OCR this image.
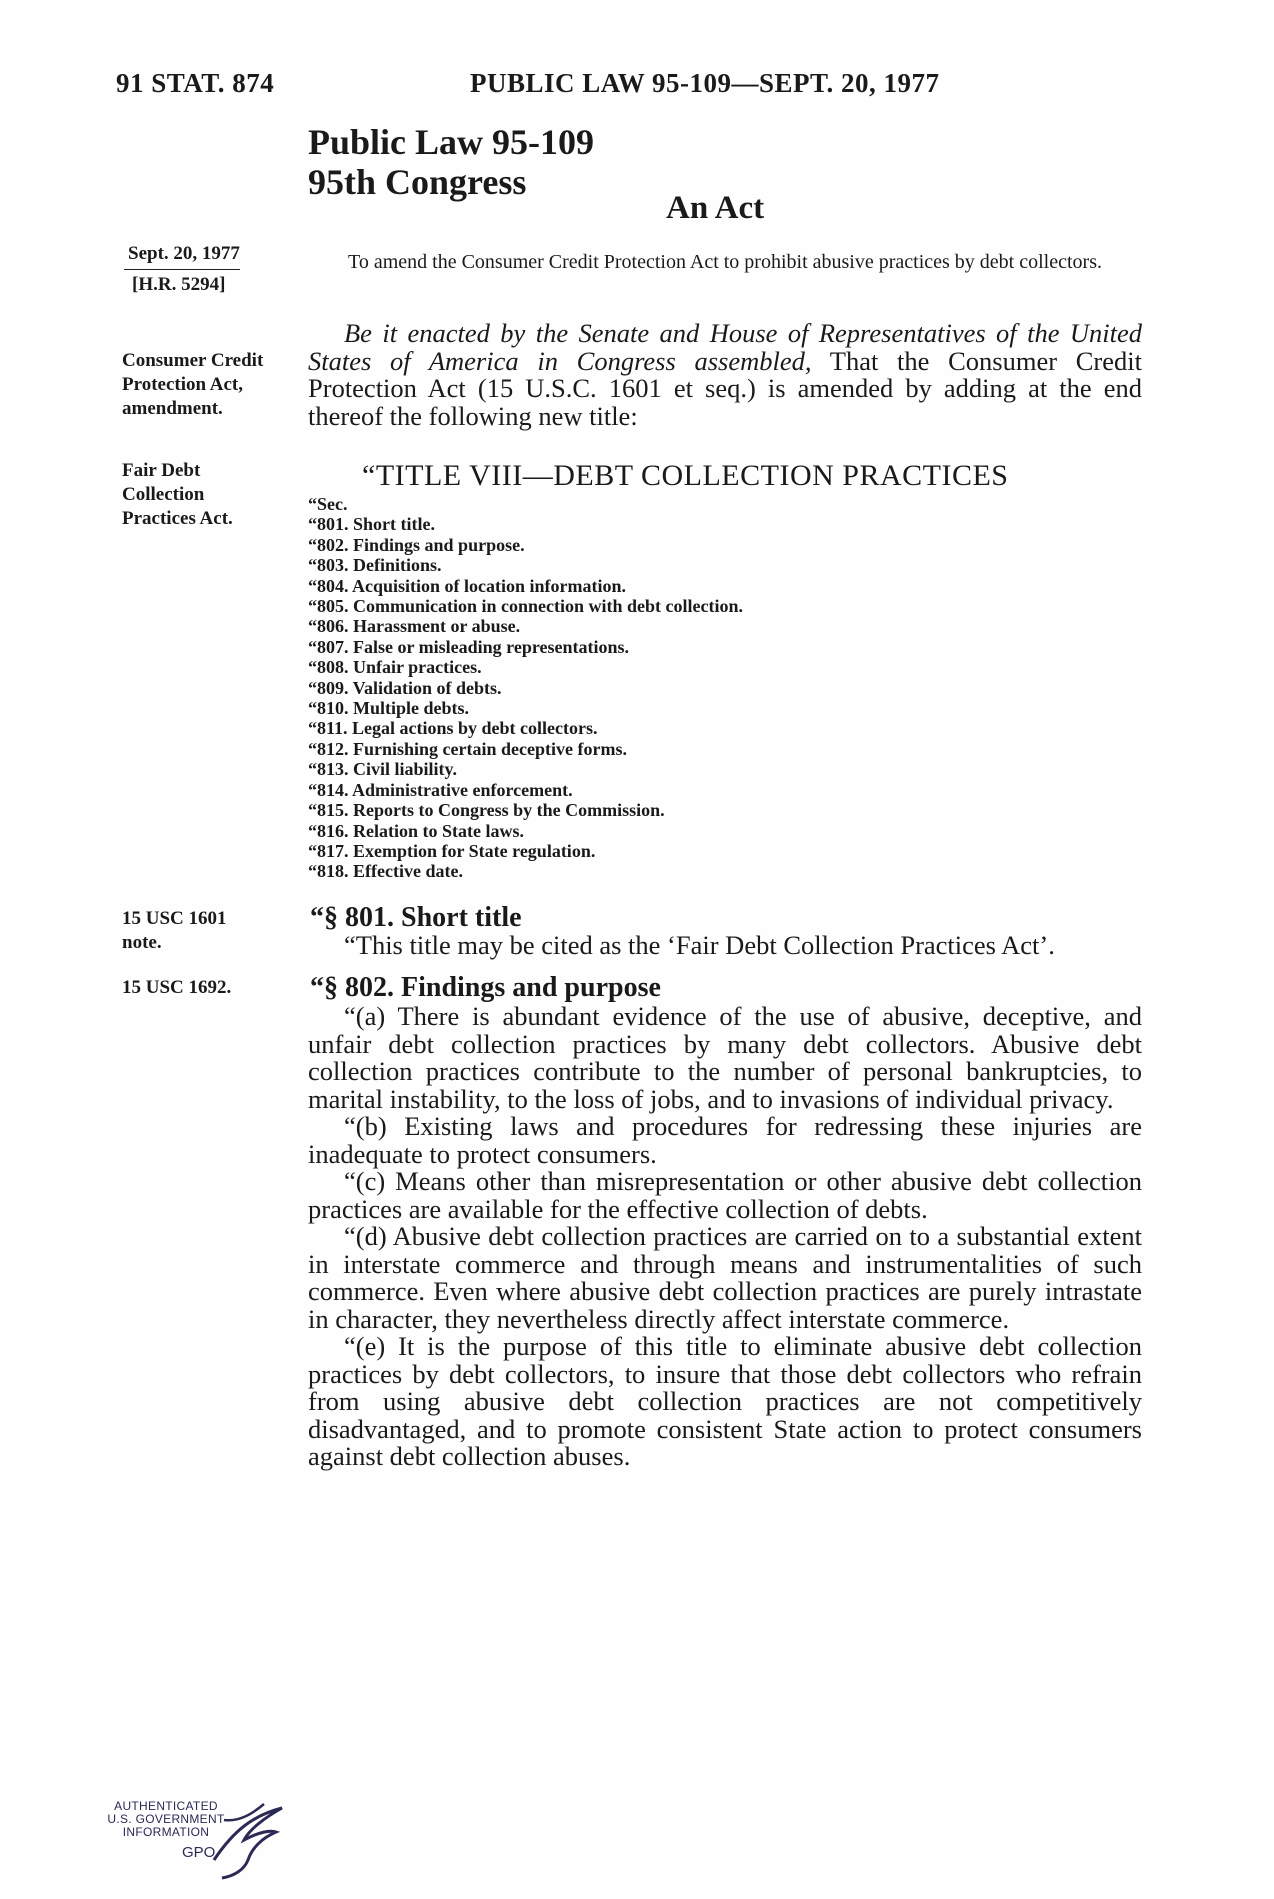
91 STAT. 874	PUBLIC LAW 95-109—SEPT. 20, 1977
Public Law 95-109
95th Congress
An Act
Sept. 20, 1977
[H.R. 5294]
To amend the Consumer Credit Protection Act to prohibit abusive practices by debt collectors.
Consumer Credit
Protection Act,
amendment.
Be it enacted by the Senate and House of Representatives of the United States of America in Congress assembled, That the Consumer Credit Protection Act (15 U.S.C. 1601 et seq.) is amended by adding at the end thereof the following new title:
Fair Debt
Collection
Practices Act.
“TITLE VIII—DEBT COLLECTION PRACTICES
“Sec.
“801. Short title.
“802. Findings and purpose.
“803. Definitions.
“804. Acquisition of location information.
“805. Communication in connection with debt collection.
“806. Harassment or abuse.
“807. False or misleading representations.
“808. Unfair practices.
“809. Validation of debts.
“810. Multiple debts.
“811. Legal actions by debt collectors.
“812. Furnishing certain deceptive forms.
“813. Civil liability.
“814. Administrative enforcement.
“815. Reports to Congress by the Commission.
“816. Relation to State laws.
“817. Exemption for State regulation.
“818. Effective date.
15 USC 1601
note.
“§ 801. Short title
“This title may be cited as the ‘Fair Debt Collection Practices Act’.
15 USC 1692.	“§ 802. Findings and purpose

“(a) There is abundant evidence of the use of abusive, deceptive, and unfair debt collection practices by many debt collectors. Abusive debt collection practices contribute to the number of personal bankruptcies, to marital instability, to the loss of jobs, and to invasions of individual privacy.

“(b) Existing laws and procedures for redressing these injuries are inadequate to protect consumers.

“(c) Means other than misrepresentation or other abusive debt collection practices are available for the effective collection of debts.

“(d) Abusive debt collection practices are carried on to a substantial extent in interstate commerce and through means and instrumentalities of such commerce. Even where abusive debt collection practices are purely intrastate in character, they nevertheless directly affect interstate commerce.

“(e) It is the purpose of this title to eliminate abusive debt collection practices by debt collectors, to insure that those debt collectors who refrain from using abusive debt collection practices are not competitively disadvantaged, and to promote consistent State action to protect consumers against debt collection abuses.

AUTHENTICATED
U.S. GOVERNMENT
INFORMATION
GPO
